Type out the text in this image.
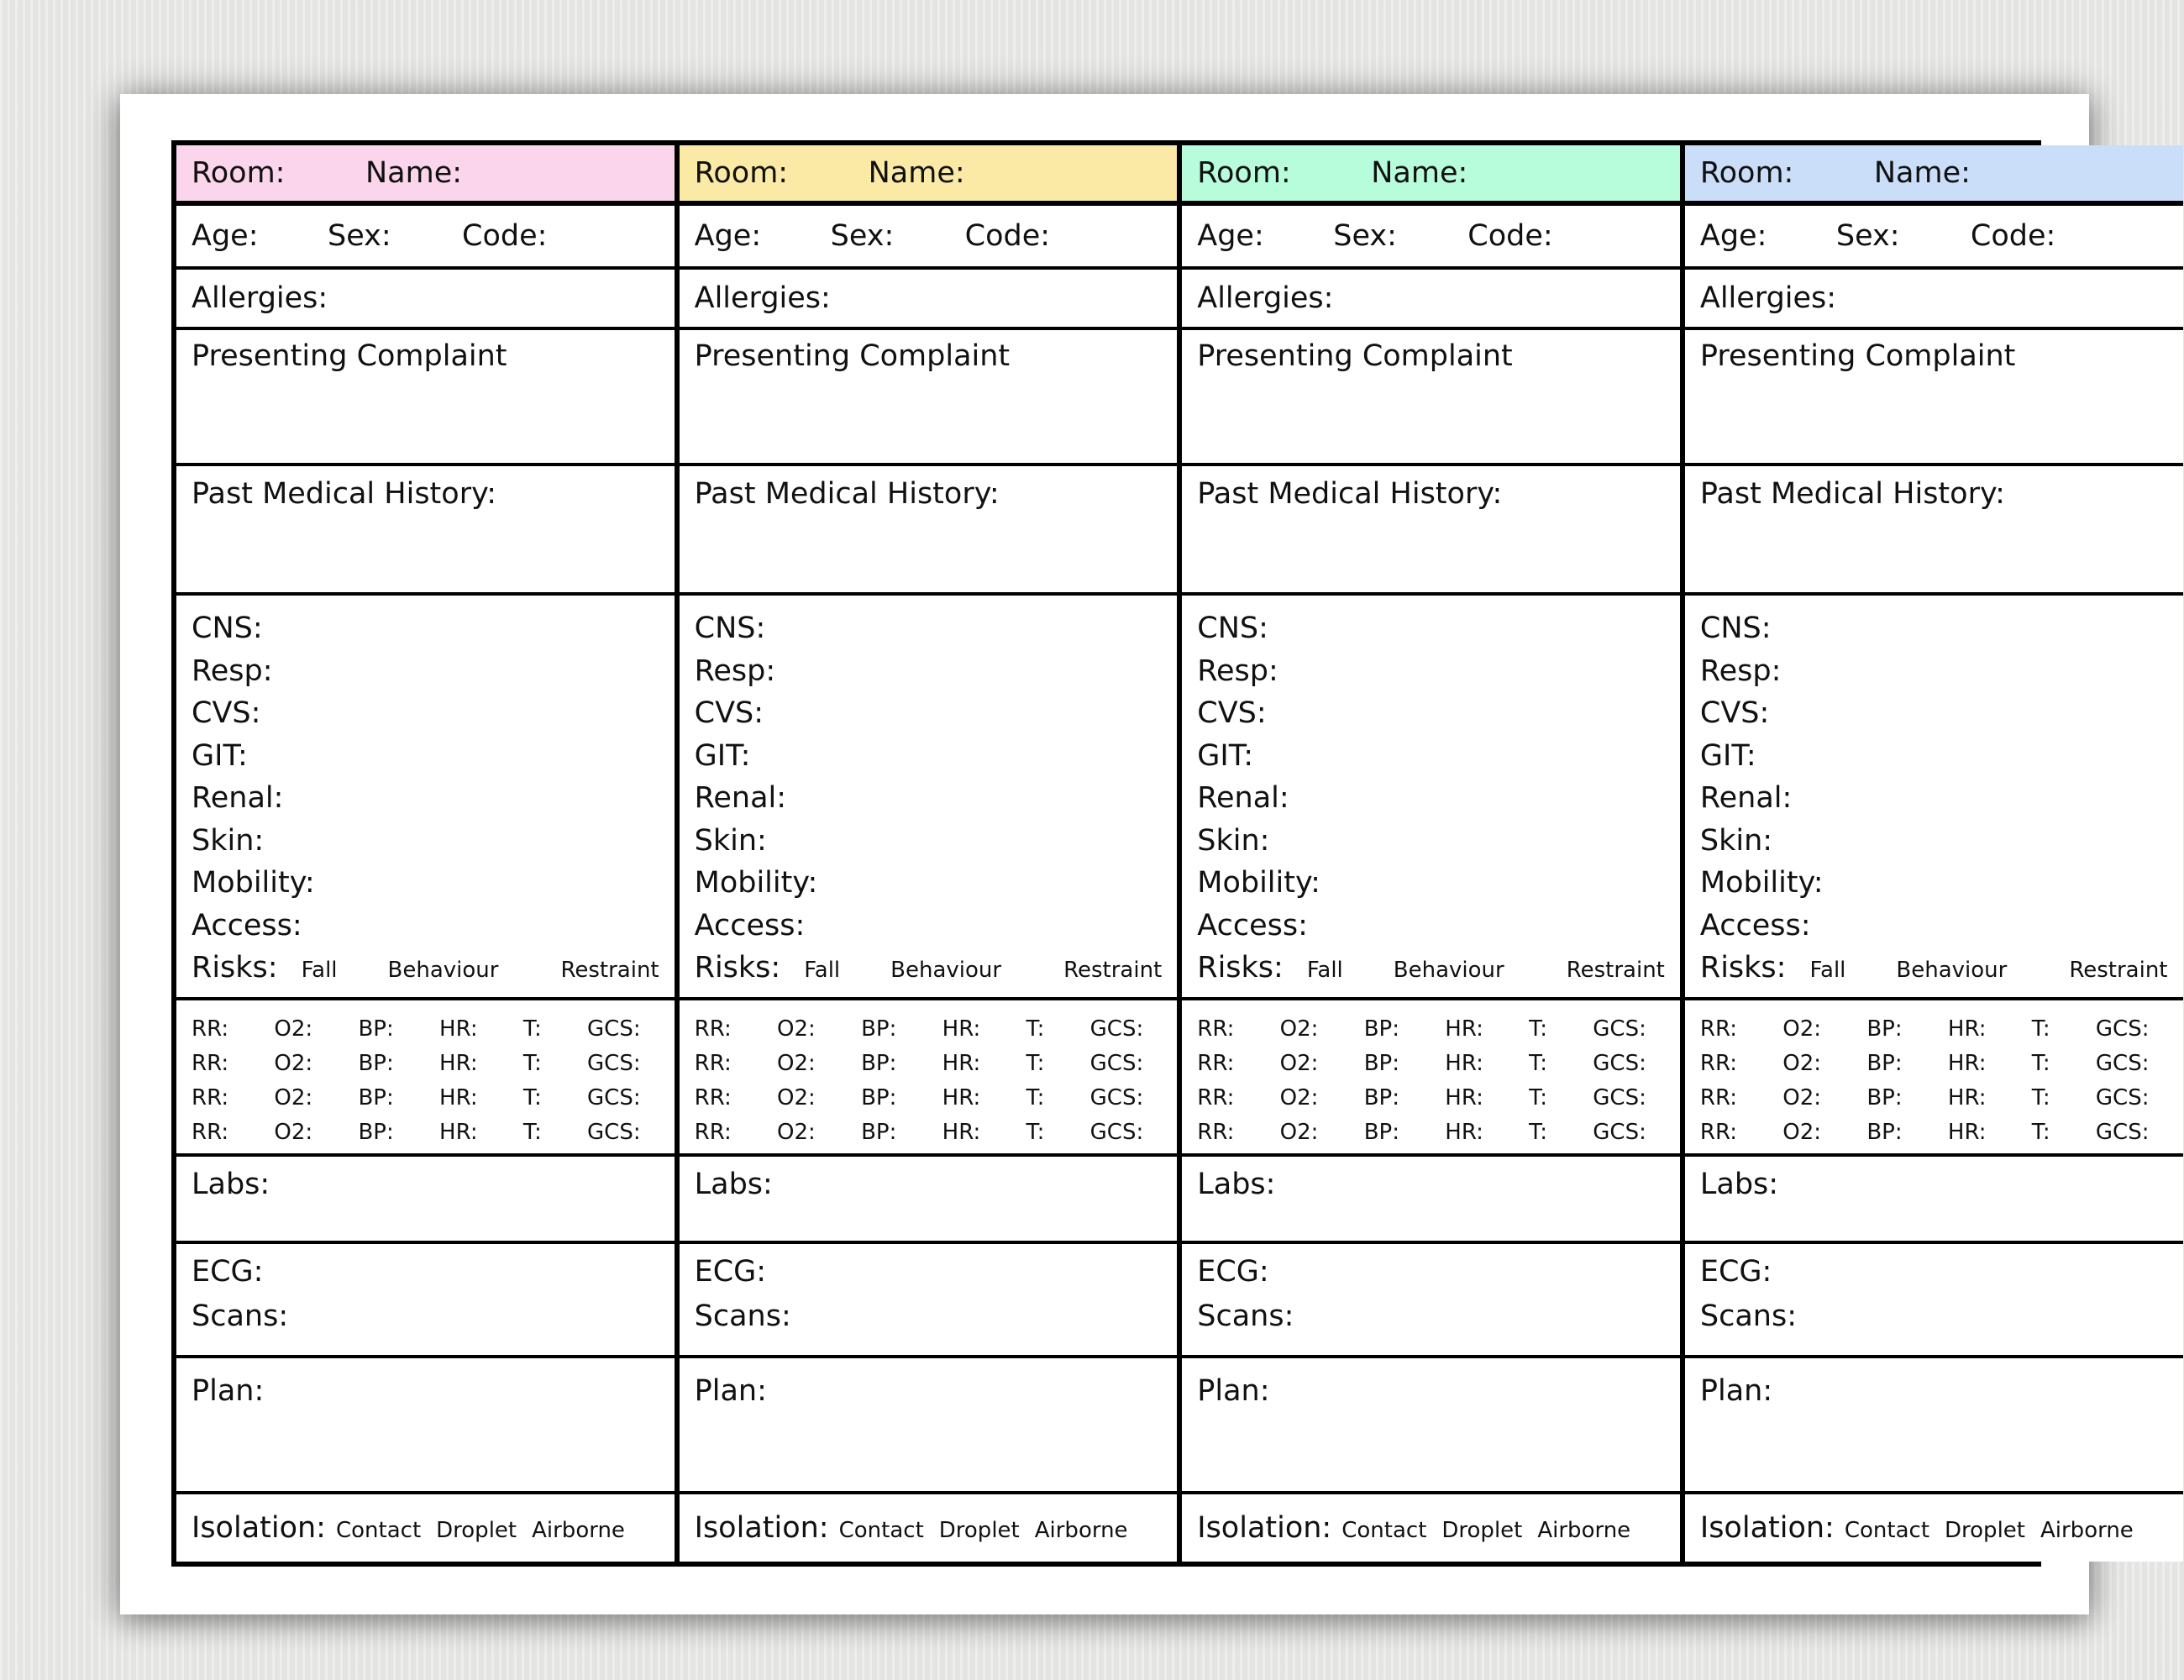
Room:	Name:
Age:	Sex:	Code:
Allergies:
Presenting Complaint
Past Medical History:
CNS:
Resp:
CVS:
GIT:
Renal:
Skin:
Mobility:
Access:
Risks: Fall Behaviour	Restraint
RR: O2: BP: HR: T: GCS:
RR: O2: BP: HR: T: GCS:
RR: O2: BP: HR: T: GCS:
RR: O2: BP: HR: T: GCS:
Labs:
ECG:
Scans:
Plan:
Isolation: Contact Droplet Airborne
Room:	Name:
Age:	Sex:	Code:
Allergies:
Presenting Complaint
Past Medical History:
CNS:
Resp:
CVS:
GIT:
Renal:
Skin:
Mobility:
Access:
Risks: Fall Behaviour	Restraint
RR: O2: BP: HR: T: GCS:
RR: O2: BP: HR: T: GCS:
RR: O2: BP: HR: T: GCS:
RR: O2: BP: HR: T: GCS:
Labs:
ECG:
Scans:
Plan:
Isolation: Contact Droplet Airborne
Room:	Name:
Age:	Sex:	Code:
Allergies:
Presenting Complaint
Past Medical History:
CNS:
Resp:
CVS:
GIT:
Renal:
Skin:
Mobility:
Access:
Risks: Fall Behaviour	Restraint
RR: O2: BP: HR: T: GCS:
RR: O2: BP: HR: T: GCS:
RR: O2: BP: HR: T: GCS:
RR: O2: BP: HR: T: GCS:
Labs:
ECG:
Scans:
Plan:
Isolation: Contact Droplet Airborne
Room:	Name:
Age:	Sex:	Code:
Allergies:
Presenting Complaint
Past Medical History:
CNS:
Resp:
CVS:
GIT:
Renal:
Skin:
Mobility:
Access:
Risks: Fall Behaviour	Restraint
RR: O2: BP: HR: T: GCS:
RR: O2: BP: HR: T: GCS:
RR: O2: BP: HR: T: GCS:
RR: O2: BP: HR: T: GCS:
Labs:
ECG:
Scans:
Plan:
Isolation: Contact Droplet Airborne
